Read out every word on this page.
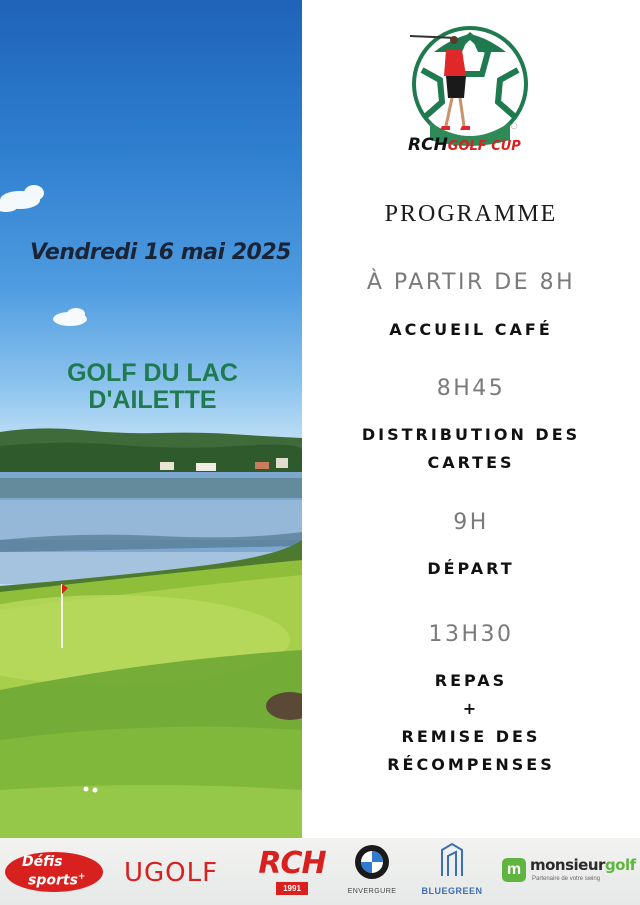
Vendredi 16 mai 2025
GOLF DU LAC
D'AILETTE
RCHGOLF CUP
PROGRAMME
À PARTIR DE 8H
ACCUEIL CAFÉ
8H45
DISTRIBUTION DES
CARTES
9H
DÉPART
13H30
REPAS
+
REMISE DES
RÉCOMPENSES
Défis
sports+ UGOLF RCH
1991	ENVERGURE	BLUEGREEN
m monsieurgolf
Partenaire de votre swing
